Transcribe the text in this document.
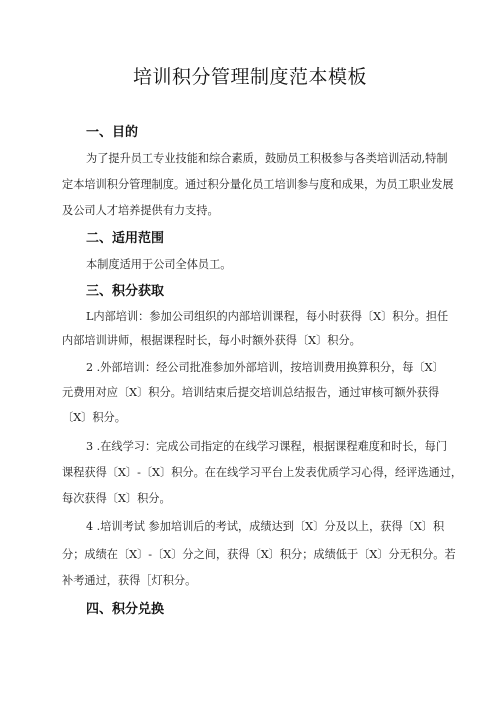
培训积分管理制度范本模板
一、目的
为了提升员工专业技能和综合素质，鼓励员工积极参与各类培训活动,特制
定本培训积分管理制度。通过积分量化员工培训参与度和成果，为员工职业发展
及公司人才培养提供有力支持。
二、适用范围
本制度适用于公司全体员工。
三、积分获取
L内部培训：参加公司组织的内部培训课程，每小时获得〔X〕积分。担任
内部培训讲师，根据课程时长，每小时额外获得〔X〕积分。
2 .外部培训：经公司批准参加外部培训，按培训费用换算积分，每〔X〕
元费用对应〔X〕积分。培训结束后提交培训总结报告，通过审核可额外获得
〔X〕积分。
3 .在线学习：完成公司指定的在线学习课程，根据课程难度和时长，每门
课程获得〔X〕-〔X〕积分。在在线学习平台上发表优质学习心得，经评选通过，
每次获得〔X〕积分。
4 .培训考试 参加培训后的考试，成绩达到〔X〕分及以上，获得〔X〕积
分；成绩在〔X〕-〔X〕分之间，获得〔X〕积分；成绩低于〔X〕分无积分。若
补考通过，获得［灯积分。
四、积分兑换
